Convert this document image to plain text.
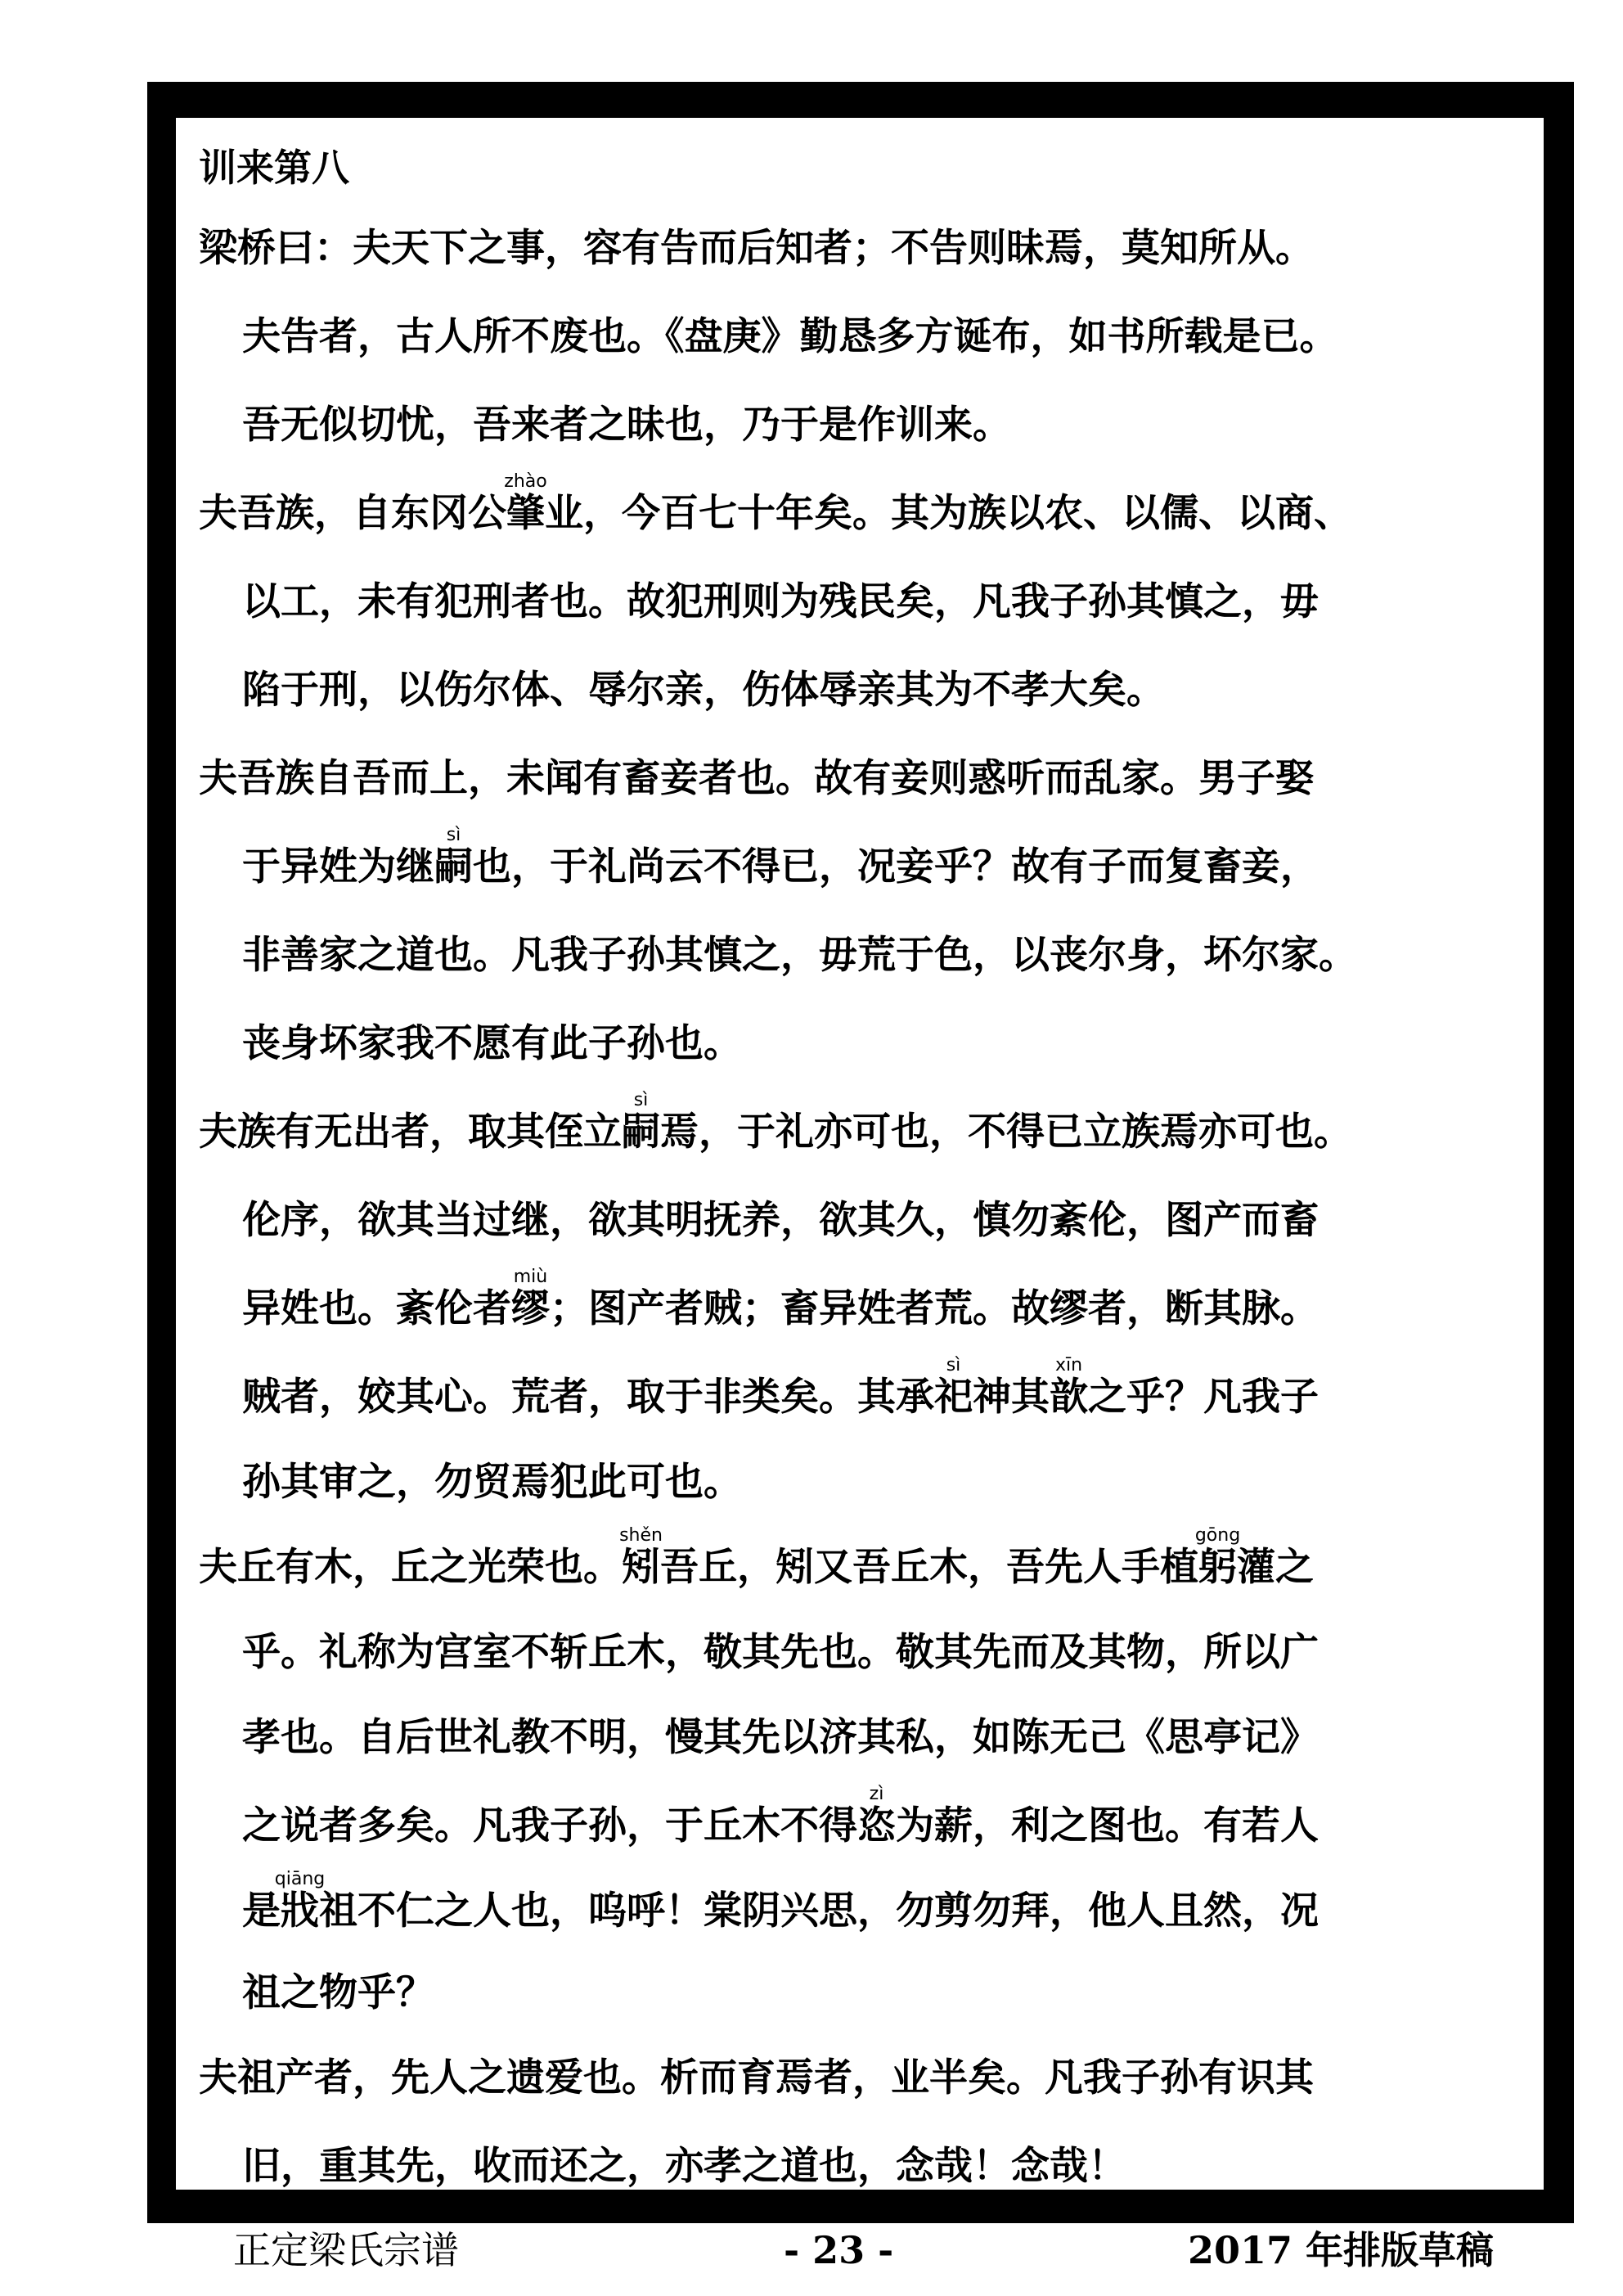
训来第八
梁桥曰：夫天下之事，容有告而后知者；不告则昧焉，莫知所从。
夫告者，古人所不废也。《盘庚》勤恳多方诞布，如书所载是已。
吾无似切忧，吾来者之昧也，乃于是作训来。
夫吾族，自东冈公肇zhào业，今百七十年矣。其为族以农、以儒、以商、
以工，未有犯刑者也。故犯刑则为残民矣，凡我子孙其慎之，毋
陷于刑，以伤尔体、辱尔亲，伤体辱亲其为不孝大矣。
夫吾族自吾而上，未闻有畜妾者也。故有妾则惑听而乱家。男子娶
于异姓为继嗣sì也，于礼尚云不得已，况妾乎？故有子而复畜妾，
非善家之道也。凡我子孙其慎之，毋荒于色，以丧尔身，坏尔家。
丧身坏家我不愿有此子孙也。
夫族有无出者，取其侄立嗣sì焉，于礼亦可也，不得已立族焉亦可也。
伦序，欲其当过继，欲其明抚养，欲其久，慎勿紊伦，图产而畜
异姓也。紊伦者缪miù；图产者贼；畜异姓者荒。故缪者，断其脉。
贼者，姣其心。荒者，取于非类矣。其承祀sì神其歆xīn之乎？凡我子
孙其审之，勿贸焉犯此可也。
夫丘有木，丘之光荣也。矧shěn吾丘，矧又吾丘木，吾先人手植躬gōng灌之
乎。礼称为宫室不斩丘木，敬其先也。敬其先而及其物，所以广
孝也。自后世礼教不明，慢其先以济其私，如陈无己《思亭记》
之说者多矣。凡我子孙，于丘木不得恣zì为薪，利之图也。有若人
是戕qiāng祖不仁之人也，呜呼！棠阴兴思，勿剪勿拜，他人且然，况
祖之物乎？
夫祖产者，先人之遗爱也。析而育焉者，业半矣。凡我子孙有识其
旧，重其先，收而还之，亦孝之道也，念哉！念哉！
正定梁氏宗谱	- 23 -	2017 年排版草稿
